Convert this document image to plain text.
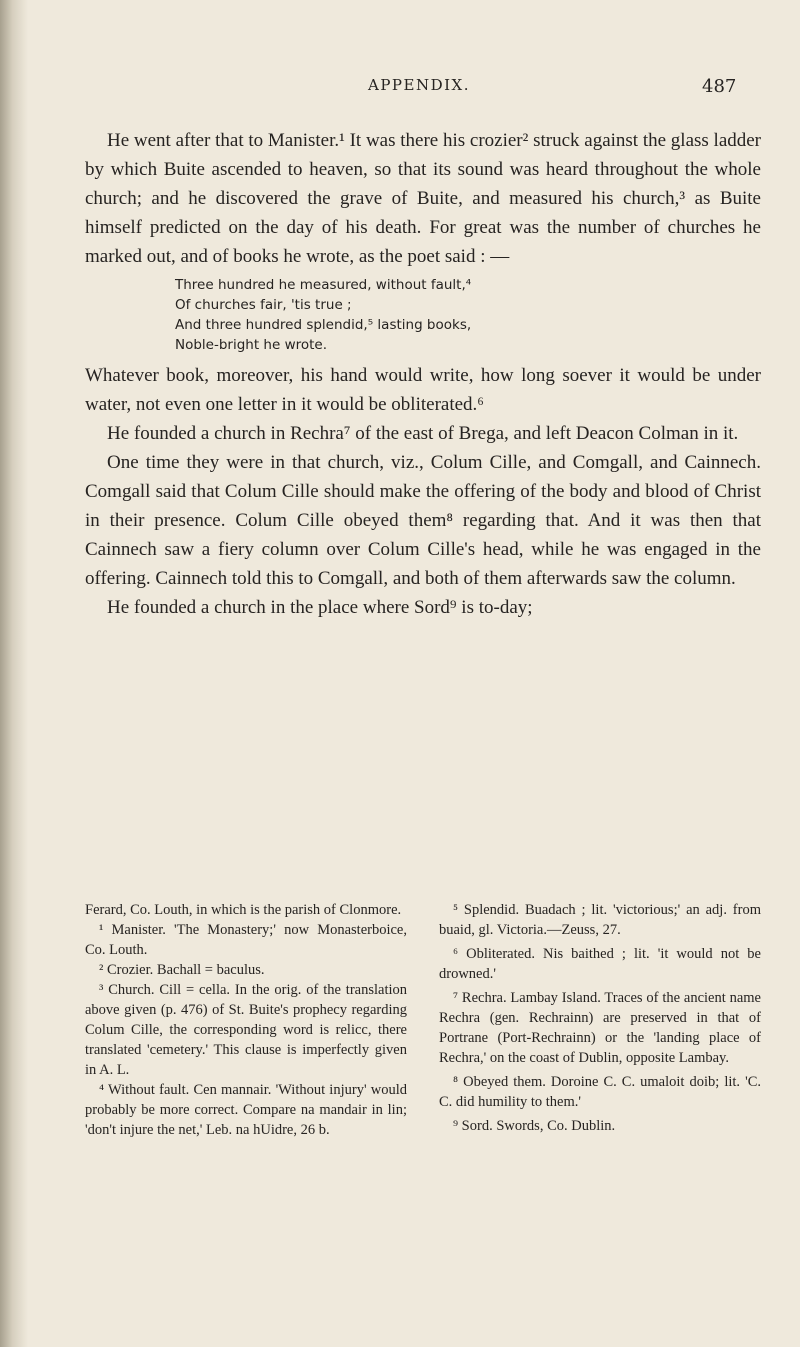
APPENDIX.	487

He went after that to Manister.¹ It was there his crozier² struck against the glass ladder by which Buite ascended to heaven, so that its sound was heard throughout the whole church; and he discovered the grave of Buite, and measured his church,³ as Buite himself predicted on the day of his death. For great was the number of churches he marked out, and of books he wrote, as the poet said : —

Three hundred he measured, without fault,⁴
Of churches fair, 'tis true ;
And three hundred splendid,⁵ lasting books,
Noble-bright he wrote.

Whatever book, moreover, his hand would write, how long soever it would be under water, not even one letter in it would be obliterated.⁶

He founded a church in Rechra⁷ of the east of Brega, and left Deacon Colman in it.

One time they were in that church, viz., Colum Cille, and Comgall, and Cainnech. Comgall said that Colum Cille should make the offering of the body and blood of Christ in their presence. Colum Cille obeyed them⁸ regarding that. And it was then that Cainnech saw a fiery column over Colum Cille's head, while he was engaged in the offering. Cainnech told this to Comgall, and both of them afterwards saw the column.

He founded a church in the place where Sord⁹ is to-day;

Ferard, Co. Louth, in which is the parish of Clonmore.

¹ Manister. 'The Monastery;' now Monasterboice, Co. Louth.

² Crozier. Bachall = baculus.

³ Church. Cill = cella. In the orig. of the translation above given (p. 476) of St. Buite's prophecy regarding Colum Cille, the corresponding word is relicc, there translated 'cemetery.' This clause is imperfectly given in A. L.

⁴ Without fault. Cen mannair. 'Without injury' would probably be more correct. Compare na mandair in lin; 'don't injure the net,' Leb. na hUidre, 26 b.

⁵ Splendid. Buadach ; lit. 'victorious;' an adj. from buaid, gl. Victoria.—Zeuss, 27.

⁶ Obliterated. Nis baithed ; lit. 'it would not be drowned.'

⁷ Rechra. Lambay Island. Traces of the ancient name Rechra (gen. Rechrainn) are preserved in that of Portrane (Port-Rechrainn) or the 'landing place of Rechra,' on the coast of Dublin, opposite Lambay.

⁸ Obeyed them. Doroine C. C. umaloit doib; lit. 'C. C. did humility to them.'

⁹ Sord. Swords, Co. Dublin.
